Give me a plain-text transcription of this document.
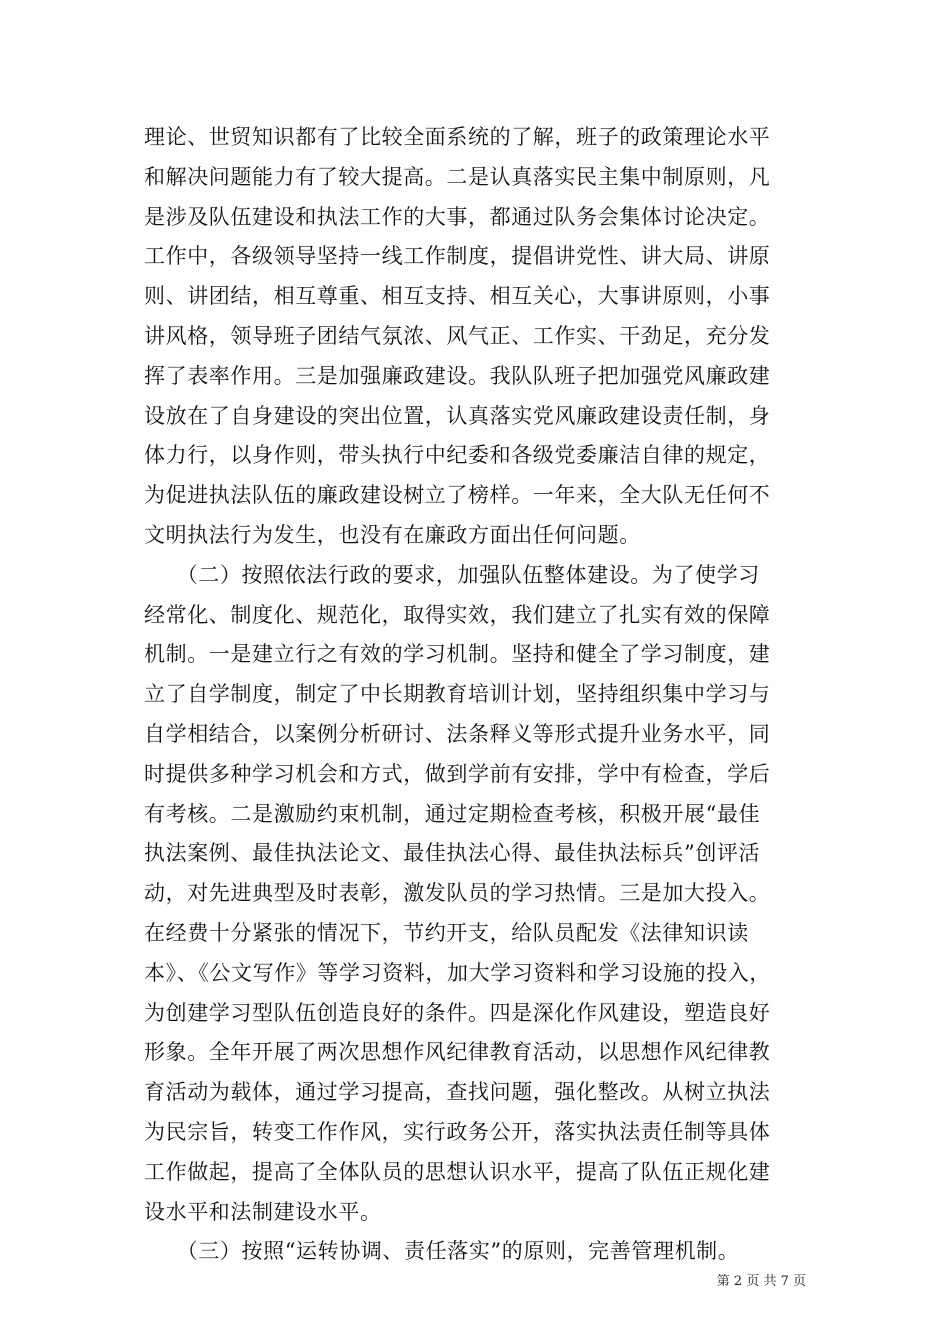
理论、世贸知识都有了比较全面系统的了解，班子的政策理论水平
和解决问题能力有了较大提高。二是认真落实民主集中制原则，凡
是涉及队伍建设和执法工作的大事，都通过队务会集体讨论决定。
工作中，各级领导坚持一线工作制度，提倡讲党性、讲大局、讲原
则、讲团结，相互尊重、相互支持、相互关心，大事讲原则，小事
讲风格，领导班子团结气氛浓、风气正、工作实、干劲足，充分发
挥了表率作用。三是加强廉政建设。我队队班子把加强党风廉政建
设放在了自身建设的突出位置，认真落实党风廉政建设责任制，身
体力行，以身作则，带头执行中纪委和各级党委廉洁自律的规定，
为促进执法队伍的廉政建设树立了榜样。一年来，全大队无任何不
文明执法行为发生，也没有在廉政方面出任何问题。
　　（二）按照依法行政的要求，加强队伍整体建设。为了使学习
经常化、制度化、规范化，取得实效，我们建立了扎实有效的保障
机制。一是建立行之有效的学习机制。坚持和健全了学习制度，建
立了自学制度，制定了中长期教育培训计划，坚持组织集中学习与
自学相结合，以案例分析研讨、法条释义等形式提升业务水平，同
时提供多种学习机会和方式，做到学前有安排，学中有检查，学后
有考核。二是激励约束机制，通过定期检查考核，积极开展“最佳
执法案例、最佳执法论文、最佳执法心得、最佳执法标兵”创评活
动，对先进典型及时表彰，激发队员的学习热情。三是加大投入。
在经费十分紧张的情况下，节约开支，给队员配发《法律知识读
本》、《公文写作》等学习资料，加大学习资料和学习设施的投入，
为创建学习型队伍创造良好的条件。四是深化作风建设，塑造良好
形象。全年开展了两次思想作风纪律教育活动，以思想作风纪律教
育活动为载体，通过学习提高，查找问题，强化整改。从树立执法
为民宗旨，转变工作作风，实行政务公开，落实执法责任制等具体
工作做起，提高了全体队员的思想认识水平，提高了队伍正规化建
设水平和法制建设水平。
　　（三）按照“运转协调、责任落实”的原则，完善管理机制。
第 2 页 共 7 页
